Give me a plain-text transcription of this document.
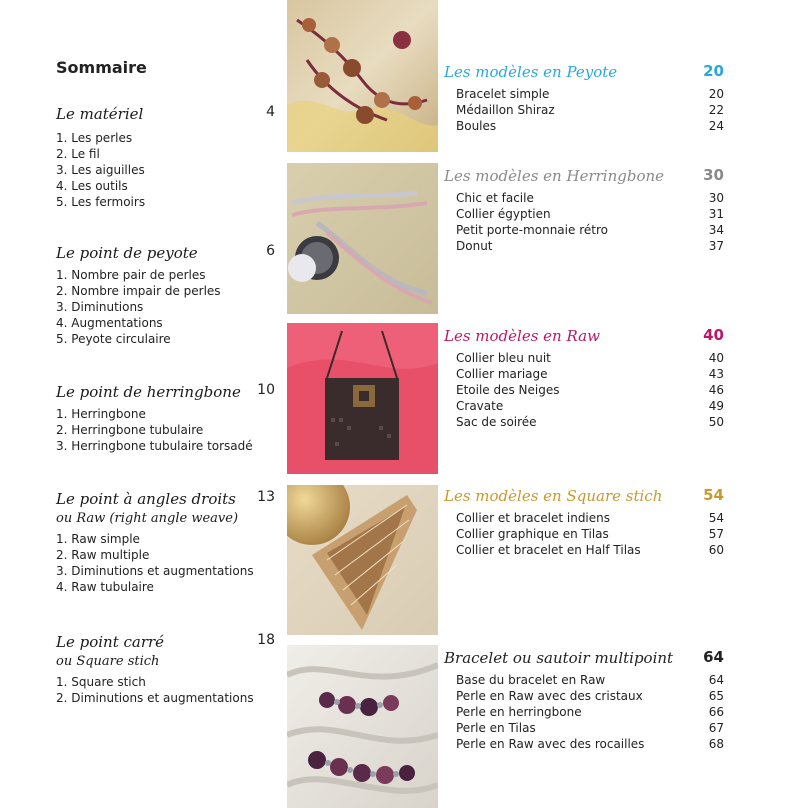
Sommaire
Le matériel	4
1. Les perles
2. Le fil
3. Les aiguilles
4. Les outils
5. Les fermoirs
Le point de peyote	6
1. Nombre pair de perles
2. Nombre impair de perles
3. Diminutions
4. Augmentations
5. Peyote circulaire
Le point de herringbone 10
1. Herringbone
2. Herringbone tubulaire
3. Herringbone tubulaire torsadé
Le point à angles droits 13
ou Raw (right angle weave)
1. Raw simple
2. Raw multiple
3. Diminutions et augmentations
4. Raw tubulaire
Le point carré	18
ou Square stich
1. Square stich
2. Diminutions et augmentations
Les modèles en Peyote	20
Bracelet simple	20
Médaillon Shiraz	22
Boules	24
Les modèles en Herringbone	30
Chic et facile	30
Collier égyptien	31
Petit porte-monnaie rétro	34
Donut	37
Les modèles en Raw	40
Collier bleu nuit	40
Collier mariage	43
Etoile des Neiges	46
Cravate	49
Sac de soirée	50
Les modèles en Square stich	54
Collier et bracelet indiens	54
Collier graphique en Tilas	57
Collier et bracelet en Half Tilas	60
Bracelet ou sautoir multipoint 64
Base du bracelet en Raw	64
Perle en Raw avec des cristaux	65
Perle en herringbone	66
Perle en Tilas	67
Perle en Raw avec des rocailles	68
